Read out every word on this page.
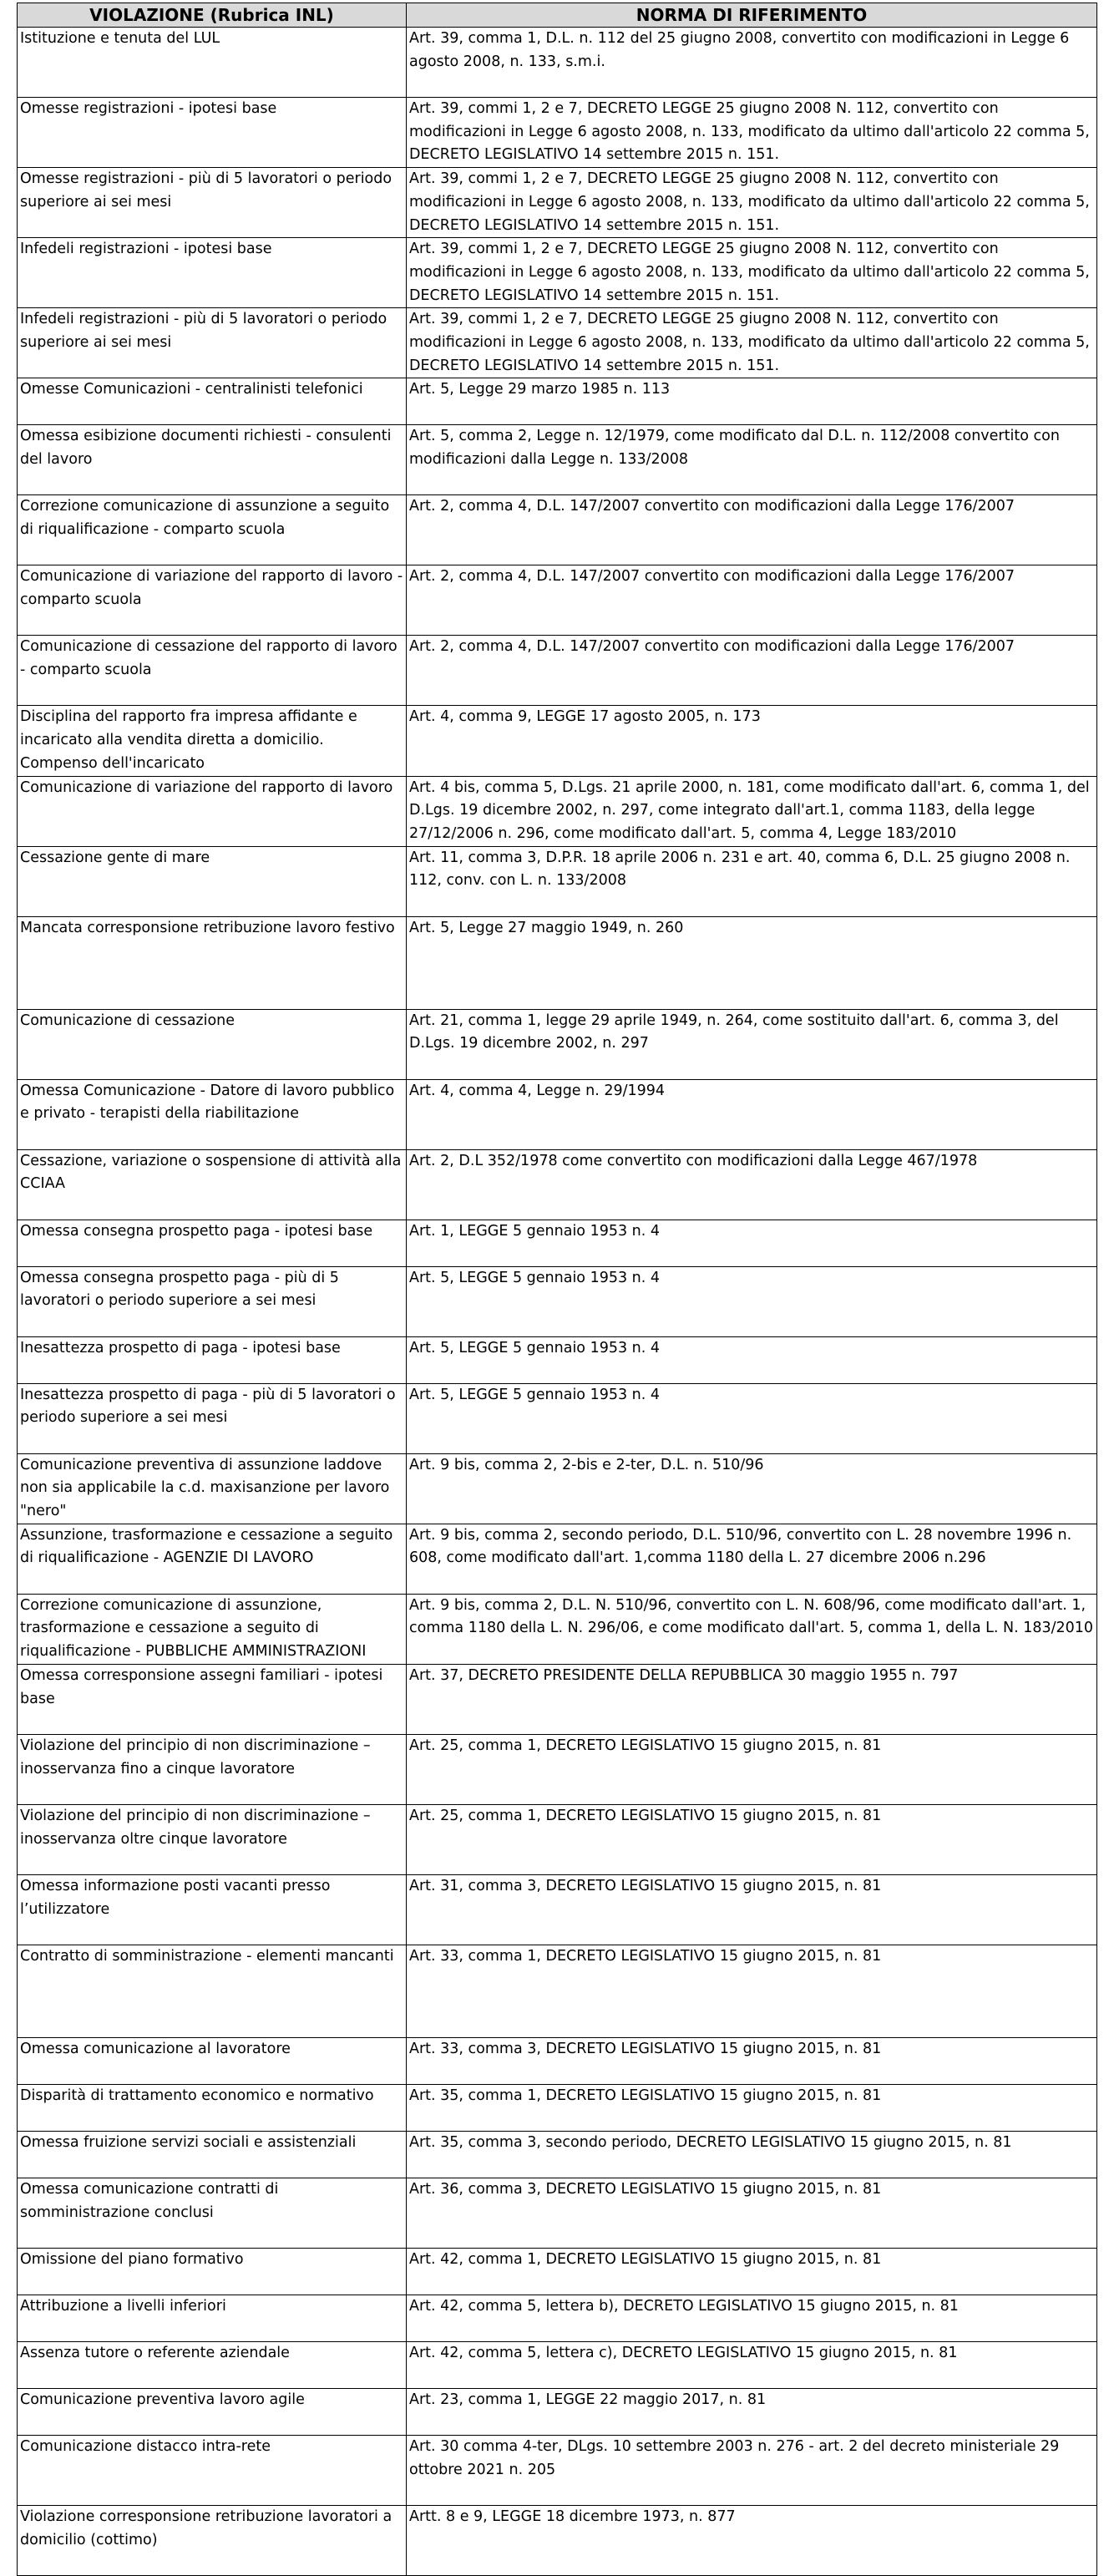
VIOLAZIONE (Rubrica INL)	NORMA DI RIFERIMENTO
Istituzione e tenuta del LUL	Art. 39, comma 1, D.L. n. 112 del 25 giugno 2008, convertito con modificazioni in Legge 6 agosto 2008, n. 133, s.m.i.
Omesse registrazioni - ipotesi base	Art. 39, commi 1, 2 e 7, DECRETO LEGGE 25 giugno 2008 N. 112, convertito con modificazioni in Legge 6 agosto 2008, n. 133, modificato da ultimo dall'articolo 22 comma 5, DECRETO LEGISLATIVO 14 settembre 2015 n. 151.
Omesse registrazioni - più di 5 lavoratori o periodo superiore ai sei mesi	Art. 39, commi 1, 2 e 7, DECRETO LEGGE 25 giugno 2008 N. 112, convertito con modificazioni in Legge 6 agosto 2008, n. 133, modificato da ultimo dall'articolo 22 comma 5, DECRETO LEGISLATIVO 14 settembre 2015 n. 151.
Infedeli registrazioni - ipotesi base	Art. 39, commi 1, 2 e 7, DECRETO LEGGE 25 giugno 2008 N. 112, convertito con modificazioni in Legge 6 agosto 2008, n. 133, modificato da ultimo dall'articolo 22 comma 5, DECRETO LEGISLATIVO 14 settembre 2015 n. 151.
Infedeli registrazioni - più di 5 lavoratori o periodo superiore ai sei mesi	Art. 39, commi 1, 2 e 7, DECRETO LEGGE 25 giugno 2008 N. 112, convertito con modificazioni in Legge 6 agosto 2008, n. 133, modificato da ultimo dall'articolo 22 comma 5, DECRETO LEGISLATIVO 14 settembre 2015 n. 151.
Omesse Comunicazioni - centralinisti telefonici	Art. 5, Legge 29 marzo 1985 n. 113
Omessa esibizione documenti richiesti - consulenti del lavoro	Art. 5, comma 2, Legge n. 12/1979, come modificato dal D.L. n. 112/2008 convertito con modificazioni dalla Legge n. 133/2008
Correzione comunicazione di assunzione a seguito di riqualificazione - comparto scuola	Art. 2, comma 4, D.L. 147/2007 convertito con modificazioni dalla Legge 176/2007
Comunicazione di variazione del rapporto di lavoro - comparto scuola	Art. 2, comma 4, D.L. 147/2007 convertito con modificazioni dalla Legge 176/2007
Comunicazione di cessazione del rapporto di lavoro - comparto scuola	Art. 2, comma 4, D.L. 147/2007 convertito con modificazioni dalla Legge 176/2007
Disciplina del rapporto fra impresa affidante e incaricato alla vendita diretta a domicilio. Compenso dell'incaricato	Art. 4, comma 9, LEGGE 17 agosto 2005, n. 173
Comunicazione di variazione del rapporto di lavoro	Art. 4 bis, comma 5, D.Lgs. 21 aprile 2000, n. 181, come modificato dall'art. 6, comma 1, del D.Lgs. 19 dicembre 2002, n. 297, come integrato dall'art.1, comma 1183, della legge 27/12/2006 n. 296, come modificato dall'art. 5, comma 4, Legge 183/2010
Cessazione gente di mare	Art. 11, comma 3, D.P.R. 18 aprile 2006 n. 231 e art. 40, comma 6, D.L. 25 giugno 2008 n. 112, conv. con L. n. 133/2008
Mancata corresponsione retribuzione lavoro festivo	Art. 5, Legge 27 maggio 1949, n. 260
Comunicazione di cessazione	Art. 21, comma 1, legge 29 aprile 1949, n. 264, come sostituito dall'art. 6, comma 3, del D.Lgs. 19 dicembre 2002, n. 297
Omessa Comunicazione - Datore di lavoro pubblico e privato - terapisti della riabilitazione	Art. 4, comma 4, Legge n. 29/1994
Cessazione, variazione o sospensione di attività alla CCIAA	Art. 2, D.L 352/1978 come convertito con modificazioni dalla Legge 467/1978
Omessa consegna prospetto paga - ipotesi base	Art. 1, LEGGE 5 gennaio 1953 n. 4
Omessa consegna prospetto paga - più di 5 lavoratori o periodo superiore a sei mesi	Art. 5, LEGGE 5 gennaio 1953 n. 4
Inesattezza prospetto di paga - ipotesi base	Art. 5, LEGGE 5 gennaio 1953 n. 4
Inesattezza prospetto di paga - più di 5 lavoratori o periodo superiore a sei mesi	Art. 5, LEGGE 5 gennaio 1953 n. 4
Comunicazione preventiva di assunzione laddove non sia applicabile la c.d. maxisanzione per lavoro "nero"	Art. 9 bis, comma 2, 2-bis e 2-ter, D.L. n. 510/96
Assunzione, trasformazione e cessazione a seguito di riqualificazione - AGENZIE DI LAVORO	Art. 9 bis, comma 2, secondo periodo, D.L. 510/96, convertito con L. 28 novembre 1996 n. 608, come modificato dall'art. 1,comma 1180 della L. 27 dicembre 2006 n.296
Correzione comunicazione di assunzione, trasformazione e cessazione a seguito di riqualificazione - PUBBLICHE AMMINISTRAZIONI	Art. 9 bis, comma 2, D.L. N. 510/96, convertito con L. N. 608/96, come modificato dall'art. 1, comma 1180 della L. N. 296/06, e come modificato dall'art. 5, comma 1, della L. N. 183/2010
Omessa corresponsione assegni familiari - ipotesi base	Art. 37, DECRETO PRESIDENTE DELLA REPUBBLICA 30 maggio 1955 n. 797
Violazione del principio di non discriminazione – inosservanza fino a cinque lavoratore	Art. 25, comma 1, DECRETO LEGISLATIVO 15 giugno 2015, n. 81
Violazione del principio di non discriminazione – inosservanza oltre cinque lavoratore	Art. 25, comma 1, DECRETO LEGISLATIVO 15 giugno 2015, n. 81
Omessa informazione posti vacanti presso l’utilizzatore	Art. 31, comma 3, DECRETO LEGISLATIVO 15 giugno 2015, n. 81
Contratto di somministrazione - elementi mancanti	Art. 33, comma 1, DECRETO LEGISLATIVO 15 giugno 2015, n. 81
Omessa comunicazione al lavoratore	Art. 33, comma 3, DECRETO LEGISLATIVO 15 giugno 2015, n. 81
Disparità di trattamento economico e normativo	Art. 35, comma 1, DECRETO LEGISLATIVO 15 giugno 2015, n. 81
Omessa fruizione servizi sociali e assistenziali	Art. 35, comma 3, secondo periodo, DECRETO LEGISLATIVO 15 giugno 2015, n. 81
Omessa comunicazione contratti di somministrazione conclusi	Art. 36, comma 3, DECRETO LEGISLATIVO 15 giugno 2015, n. 81
Omissione del piano formativo	Art. 42, comma 1, DECRETO LEGISLATIVO 15 giugno 2015, n. 81
Attribuzione a livelli inferiori	Art. 42, comma 5, lettera b), DECRETO LEGISLATIVO 15 giugno 2015, n. 81
Assenza tutore o referente aziendale	Art. 42, comma 5, lettera c), DECRETO LEGISLATIVO 15 giugno 2015, n. 81
Comunicazione preventiva lavoro agile	Art. 23, comma 1, LEGGE 22 maggio 2017, n. 81
Comunicazione distacco intra-rete	Art. 30 comma 4-ter, DLgs. 10 settembre 2003 n. 276 - art. 2 del decreto ministeriale 29 ottobre 2021 n. 205
Violazione corresponsione retribuzione lavoratori a domicilio (cottimo)	Artt. 8 e 9, LEGGE 18 dicembre 1973, n. 877
